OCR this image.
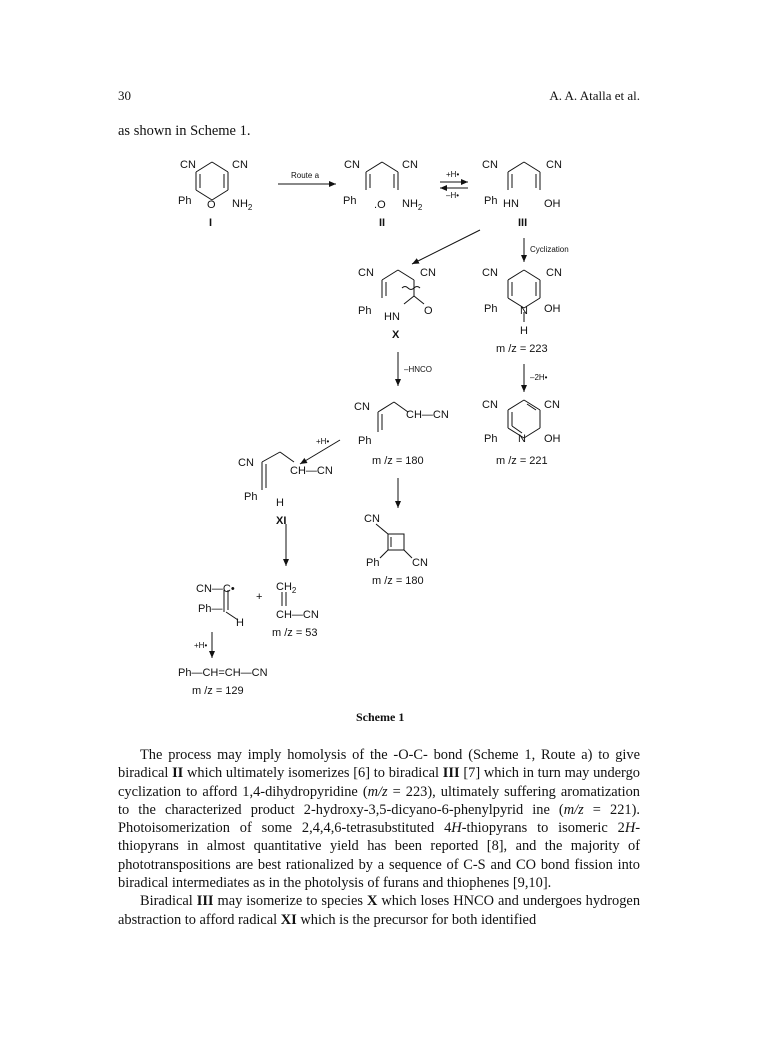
30	A. A. Atalla et al.
as shown in Scheme 1.
CN	CN
Ph O $NH_2$
I
Route a
CN	CN
Ph .O $NH_2$
II
+H•
–H•
CN	CN
Ph HN OH
III
Cyclization
CN	CN
Ph HN O
X
–HNCO
CN	CN
Ph N OH
H
m /z = 223
–2H•
CN	CN
Ph N OH
m /z = 221
CN
CH—CN
Ph
m /z = 180
+H•
CN
CH—CN
Ph H
XI	CN
Ph	CN
m /z = 180
CN—C•
Ph—
H
+
$CH_2$
CH—CN
m /z = 53
+H•
Ph—CH=CH—CN
m /z = 129
Scheme 1

The process may imply homolysis of the -O-C- bond (Scheme 1, Route a) to give biradical II which ultimately isomerizes [6] to biradical III [7] which in turn may undergo cyclization to afford 1,4-dihydropyridine (m/z = 223), ultimately suffering aromatization to the characterized product 2-hydroxy-3,5-dicyano-6-phenylpyrid ine (m/z = 221). Photoisomerization of some 2,4,4,6-tetrasubstituted 4H-thiopyrans to isomeric 2H-thiopyrans in almost quantitative yield has been reported [8], and the majority of phototranspositions are best rationalized by a sequence of C-S and CO bond fission into biradical intermediates as in the photolysis of furans and thiophenes [9,10].

Biradical III may isomerize to species X which loses HNCO and undergoes hydrogen abstraction to afford radical XI which is the precursor for both identified
